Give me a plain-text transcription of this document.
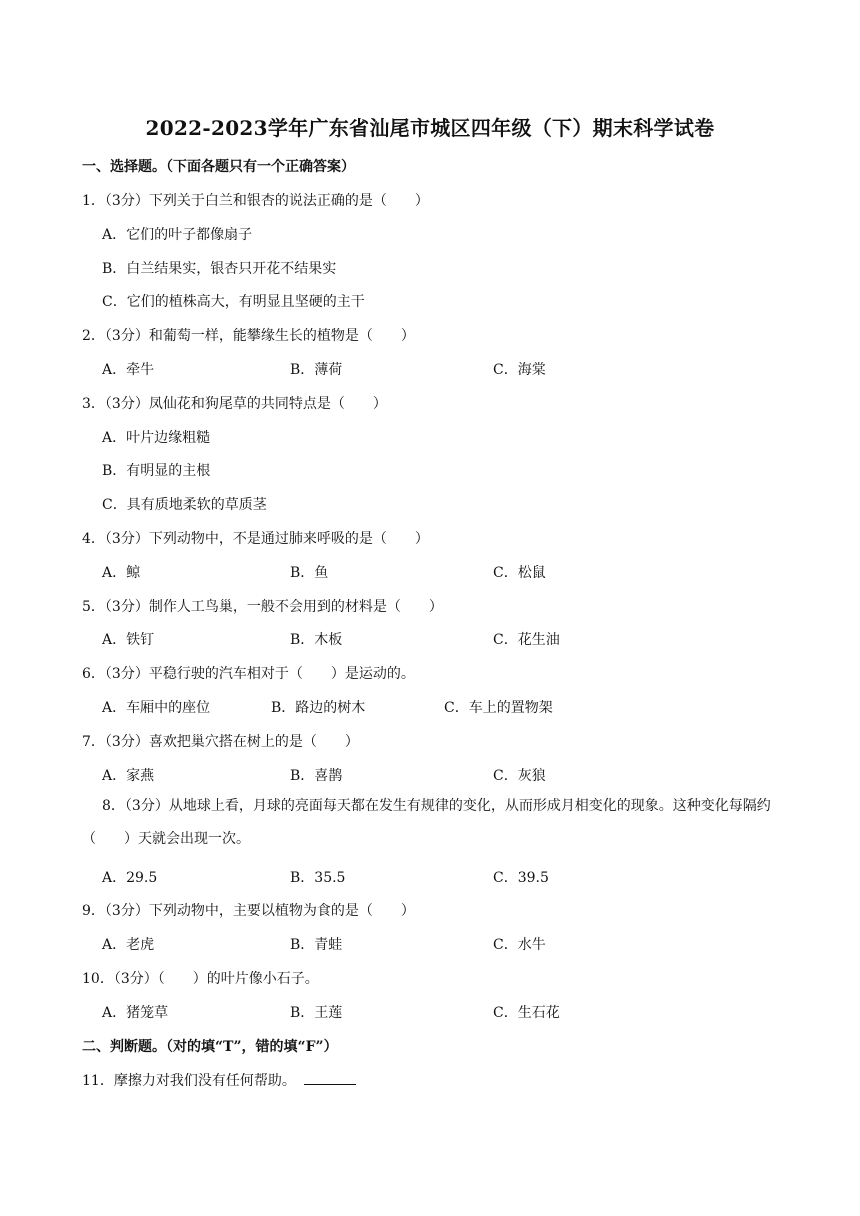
2022-2023学年广东省汕尾市城区四年级（下）期末科学试卷
一、选择题。（下面各题只有一个正确答案）
1．（3分）下列关于白兰和银杏的说法正确的是（　　）
A．它们的叶子都像扇子
B．白兰结果实，银杏只开花不结果实
C．它们的植株高大，有明显且坚硬的主干
2．（3分）和葡萄一样，能攀缘生长的植物是（　　）
A．牵牛	B．薄荷	C．海棠
3．（3分）凤仙花和狗尾草的共同特点是（　　）
A．叶片边缘粗糙
B．有明显的主根
C．具有质地柔软的草质茎
4．（3分）下列动物中，不是通过肺来呼吸的是（　　）
A．鲸	B．鱼	C．松鼠
5．（3分）制作人工鸟巢，一般不会用到的材料是（　　）
A．铁钉	B．木板	C．花生油
6．（3分）平稳行驶的汽车相对于（　　）是运动的。
A．车厢中的座位	B．路边的树木	C．车上的置物架
7．（3分）喜欢把巢穴搭在树上的是（　　）
A．家燕	B．喜鹊	C．灰狼
8．（3分）从地球上看，月球的亮面每天都在发生有规律的变化，从而形成月相变化的现象。这种变化每隔约（　　）天就会出现一次。
A．29.5	B．35.5	C．39.5
9．（3分）下列动物中，主要以植物为食的是（　　）
A．老虎	B．青蛙	C．水牛
10．（3分）（　　）的叶片像小石子。
A．猪笼草	B．王莲	C．生石花
二、判断题。（对的填“T”，错的填“F”）
11．摩擦力对我们没有任何帮助。
